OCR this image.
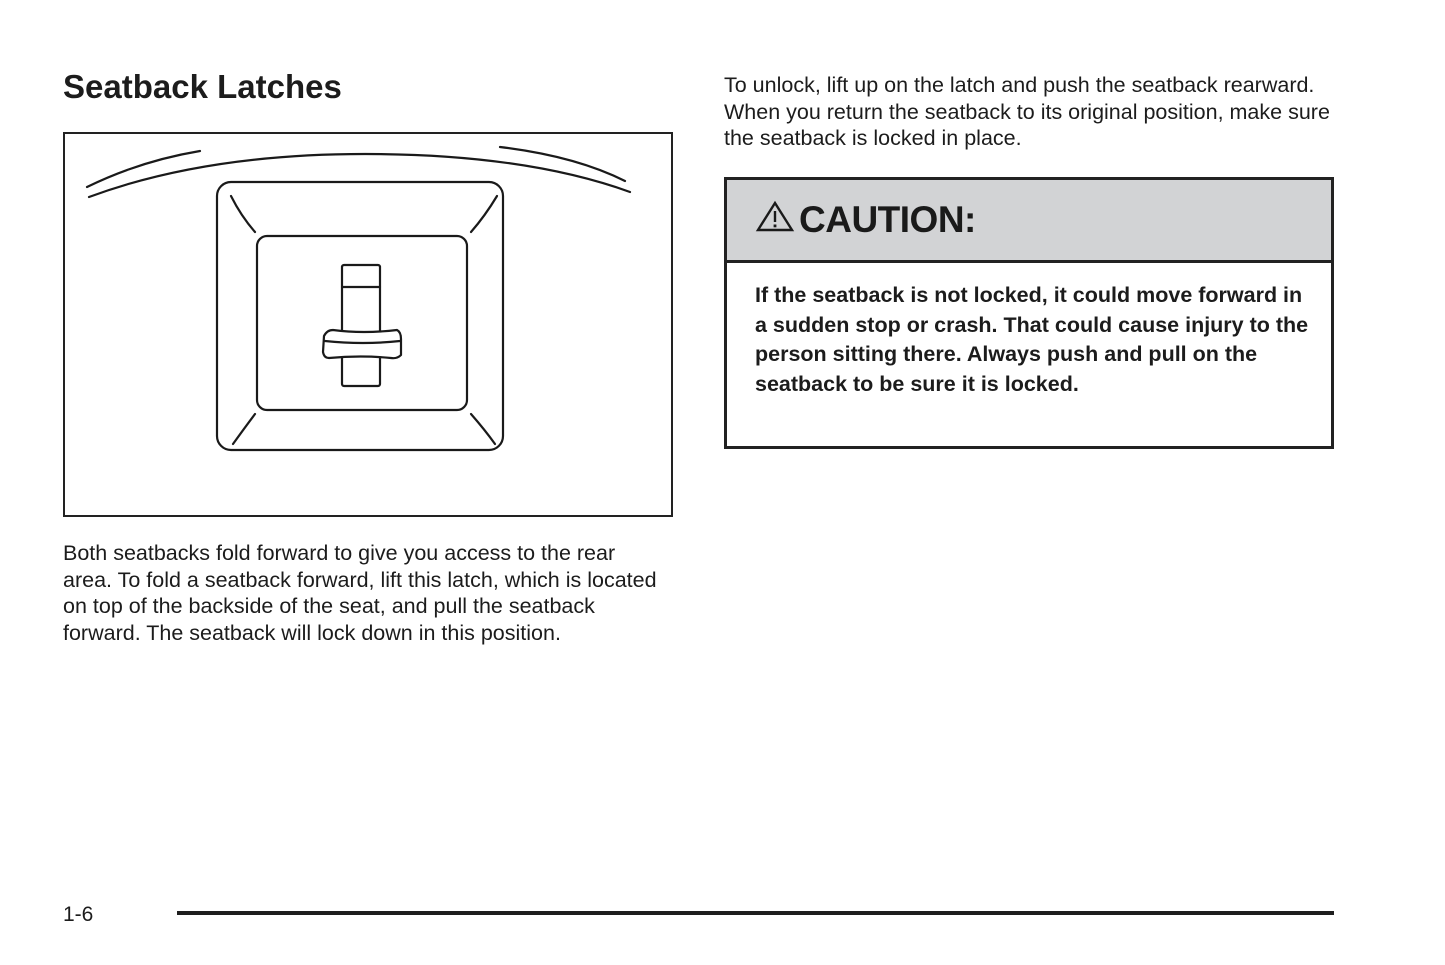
Seatback Latches

Both seatbacks fold forward to give you access to the rear area. To fold a seatback forward, lift this latch, which is located on top of the backside of the seat, and pull the seatback forward. The seatback will lock down in this position.

To unlock, lift up on the latch and push the seatback rearward. When you return the seatback to its original position, make sure the seatback is locked in place.

CAUTION:
If the seatback is not locked, it could move forward in a sudden stop or crash. That could cause injury to the person sitting there. Always push and pull on the seatback to be sure it is locked.
1-6
